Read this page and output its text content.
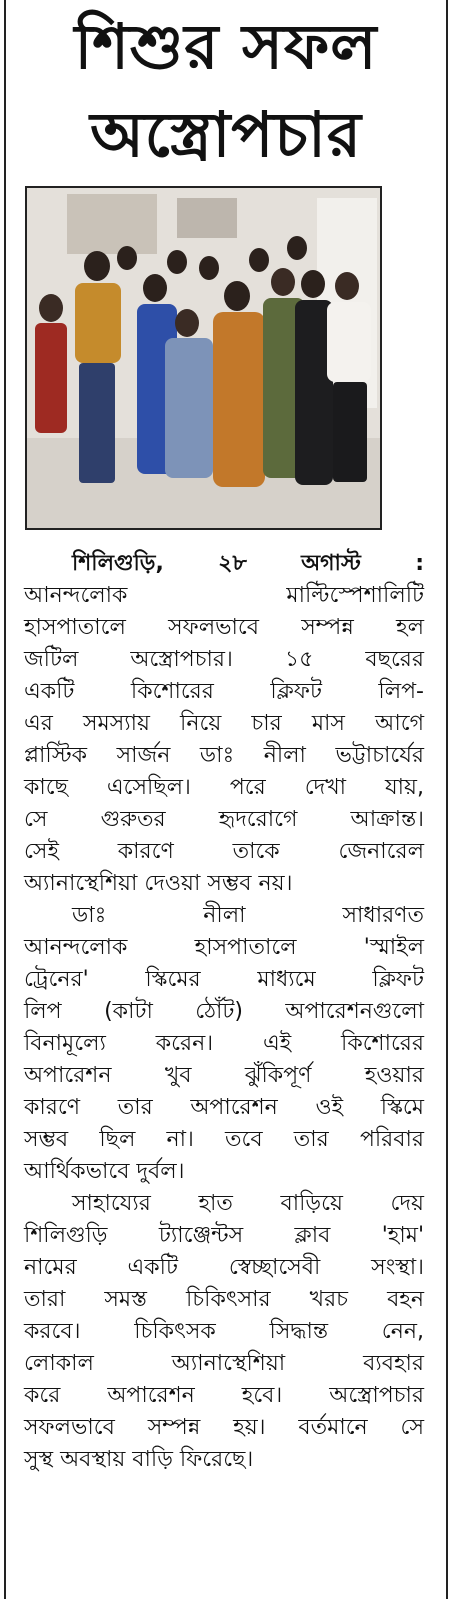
শিশুর সফল
অস্ত্রোপচার
শিলিগুড়ি, ২৮ অগাস্ট :
আনন্দলোক মাল্টিস্পেশালিটি
হাসপাতালে সফলভাবে সম্পন্ন হল
জটিল অস্ত্রোপচার। ১৫ বছরের
একটি কিশোরের ক্লিফট লিপ-
এর সমস্যায় নিয়ে চার মাস আগে
প্লাস্টিক সার্জন ডাঃ নীলা ভট্টাচার্যের
কাছে এসেছিল। পরে দেখা যায়,
সে গুরুতর হৃদরোগে আক্রান্ত।
সেই কারণে তাকে জেনারেল
অ্যানাস্থেশিয়া দেওয়া সম্ভব নয়।
ডাঃ নীলা সাধারণত
আনন্দলোক হাসপাতালে 'স্মাইল
ট্রেনের' স্কিমের মাধ্যমে ক্লিফট
লিপ (কাটা ঠোঁট) অপারেশনগুলো
বিনামূল্যে করেন। এই কিশোরের
অপারেশন খুব ঝুঁকিপূর্ণ হওয়ার
কারণে তার অপারেশন ওই স্কিমে
সম্ভব ছিল না। তবে তার পরিবার
আর্থিকভাবে দুর্বল।
সাহায্যের হাত বাড়িয়ে দেয়
শিলিগুড়ি ট্যাঞ্জেন্টস ক্লাব 'হাম'
নামের একটি স্বেচ্ছাসেবী সংস্থা।
তারা সমস্ত চিকিৎসার খরচ বহন
করবে। চিকিৎসক সিদ্ধান্ত নেন,
লোকাল অ্যানাস্থেশিয়া ব্যবহার
করে অপারেশন হবে। অস্ত্রোপচার
সফলভাবে সম্পন্ন হয়। বর্তমানে সে
সুস্থ অবস্থায় বাড়ি ফিরেছে।
